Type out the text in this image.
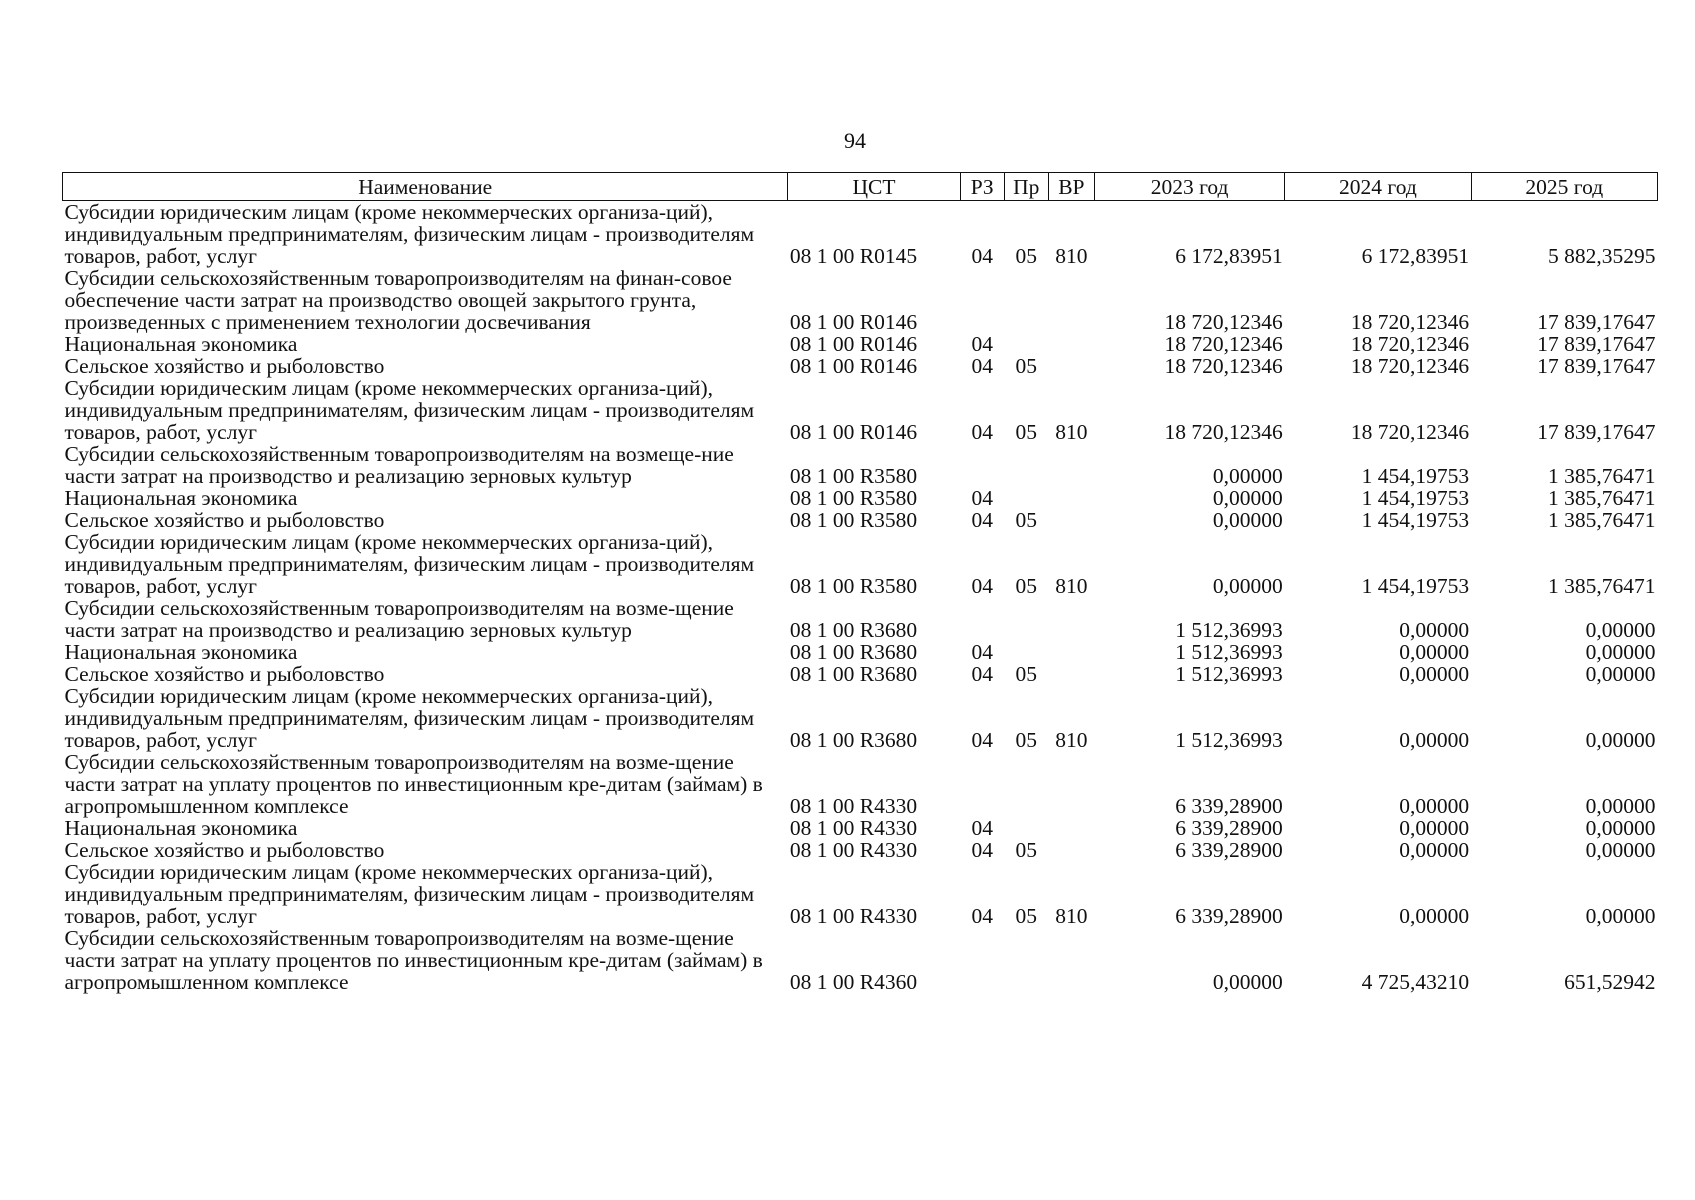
94
Наименование	ЦСТ	РЗ	Пр	ВР	2023 год	2024 год	2025 год
Субсидии юридическим лицам (кроме некоммерческих организа-ций), индивидуальным предпринимателям, физическим лицам - производителям товаров, работ, услуг	08 1 00 R0145	04	05	810	6 172,83951	6 172,83951	5 882,35295
Субсидии сельскохозяйственным товаропроизводителям на финан-совое обеспечение части затрат на производство овощей закрытого грунта, произведенных с применением технологии досвечивания	08 1 00 R0146				18 720,12346	18 720,12346	17 839,17647
Национальная экономика	08 1 00 R0146	04			18 720,12346	18 720,12346	17 839,17647
Сельское хозяйство и рыболовство	08 1 00 R0146	04	05		18 720,12346	18 720,12346	17 839,17647
Субсидии юридическим лицам (кроме некоммерческих организа-ций), индивидуальным предпринимателям, физическим лицам - производителям товаров, работ, услуг	08 1 00 R0146	04	05	810	18 720,12346	18 720,12346	17 839,17647
Субсидии сельскохозяйственным товаропроизводителям на возмеще-ние части затрат на производство и реализацию зерновых культур	08 1 00 R3580				0,00000	1 454,19753	1 385,76471
Национальная экономика	08 1 00 R3580	04			0,00000	1 454,19753	1 385,76471
Сельское хозяйство и рыболовство	08 1 00 R3580	04	05		0,00000	1 454,19753	1 385,76471
Субсидии юридическим лицам (кроме некоммерческих организа-ций), индивидуальным предпринимателям, физическим лицам - производителям товаров, работ, услуг	08 1 00 R3580	04	05	810	0,00000	1 454,19753	1 385,76471
Субсидии сельскохозяйственным товаропроизводителям на возме-щение части затрат на производство и реализацию зерновых культур	08 1 00 R3680				1 512,36993	0,00000	0,00000
Национальная экономика	08 1 00 R3680	04			1 512,36993	0,00000	0,00000
Сельское хозяйство и рыболовство	08 1 00 R3680	04	05		1 512,36993	0,00000	0,00000
Субсидии юридическим лицам (кроме некоммерческих организа-ций), индивидуальным предпринимателям, физическим лицам - производителям товаров, работ, услуг	08 1 00 R3680	04	05	810	1 512,36993	0,00000	0,00000
Субсидии сельскохозяйственным товаропроизводителям на возме-щение части затрат на уплату процентов по инвестиционным кре-дитам (займам) в агропромышленном комплексе	08 1 00 R4330				6 339,28900	0,00000	0,00000
Национальная экономика	08 1 00 R4330	04			6 339,28900	0,00000	0,00000
Сельское хозяйство и рыболовство	08 1 00 R4330	04	05		6 339,28900	0,00000	0,00000
Субсидии юридическим лицам (кроме некоммерческих организа-ций), индивидуальным предпринимателям, физическим лицам - производителям товаров, работ, услуг	08 1 00 R4330	04	05	810	6 339,28900	0,00000	0,00000
Субсидии сельскохозяйственным товаропроизводителям на возме-щение части затрат на уплату процентов по инвестиционным кре-дитам (займам) в агропромышленном комплексе	08 1 00 R4360				0,00000	4 725,43210	651,52942
